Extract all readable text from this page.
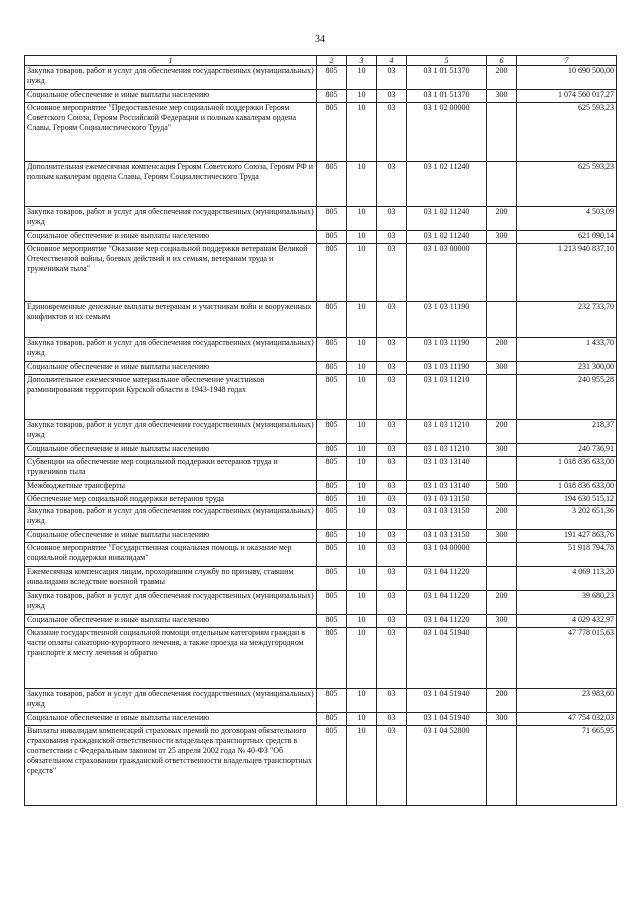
34
1	2	3	4	5	6	7
Закупка товаров, работ и услуг для обеспечения государственных (муниципальных) нужд	805	10	03	03 1 01 51370	200	10 690 500,00
Социальное обеспечение и иные выплаты населению	805	10	03	03 1 01 51370	300	1 074 560 017,27
Основное мероприятие "Предоставление мер социальной поддержки Героям Советского Союза, Героям Российской Федерации и полным кавалерам ордена Славы, Героям Социалистического Труда"	805	10	03	03 1 02 00000		625 593,23
Дополнительная ежемесячная компенсация Героям Советского Союза, Героям РФ и полным кавалерам ордена Славы, Героям Социалистического Труда	805	10	03	03 1 02 11240		625 593,23
Закупка товаров, работ и услуг для обеспечения государственных (муниципальных) нужд	805	10	03	03 1 02 11240	200	4 503,09
Социальное обеспечение и иные выплаты населению	805	10	03	03 1 02 11240	300	621 090,14
Основное мероприятие "Оказание мер социальной поддержки ветеранам Великой Отечественной войны, боевых действий и их семьям, ветеранам труда и труженикам тыла"	805	10	03	03 1 03 00000		1 213 940 837,10
Единовременные денежные выплаты ветеранам и участникам войн и вооруженных конфликтов и их семьям	805	10	03	03 1 03 11190		232 733,70
Закупка товаров, работ и услуг для обеспечения государственных (муниципальных) нужд	805	10	03	03 1 03 11190	200	1 433,70
Социальное обеспечение и иные выплаты населению	805	10	03	03 1 03 11190	300	231 300,00
Дополнительное ежемесячное материальное обеспечение участников разминирования территории Курской области в 1943-1948 годах	805	10	03	03 1 03 11210		240 955,28
Закупка товаров, работ и услуг для обеспечения государственных (муниципальных) нужд	805	10	03	03 1 03 11210	200	218,37
Социальное обеспечение и иные выплаты населению	805	10	03	03 1 03 11210	300	240 736,91
Субвенции на обеспечение мер социальной поддержки ветеранов труда и тружеников тыла	805	10	03	03 1 03 13140		1 018 836 633,00
Межбюджетные трансферты	805	10	03	03 1 03 13140	500	1 018 836 633,00
Обеспечение мер социальной поддержки ветеранов труда	805	10	03	03 1 03 13150		194 630 515,12
Закупка товаров, работ и услуг для обеспечения государственных (муниципальных) нужд	805	10	03	03 1 03 13150	200	3 202 651,36
Социальное обеспечение и иные выплаты населению	805	10	03	03 1 03 13150	300	191 427 863,76
Основное мероприятие "Государственная социальная помощь и оказание мер социальной поддержки инвалидам"	805	10	03	03 1 04 00000		51 918 794,78
Ежемесячная компенсация лицам, проходившим службу по призыву, ставшим инвалидами вследствие военной травмы	805	10	03	03 1 04 11220		4 069 113,20
Закупка товаров, работ и услуг для обеспечения государственных (муниципальных) нужд	805	10	03	03 1 04 11220	200	39 680,23
Социальное обеспечение и иные выплаты населению	805	10	03	03 1 04 11220	300	4 029 432,97
Оказание государственной социальной помощи отдельным категориям граждан в части оплаты санаторно-курортного лечения, а также проезда на междугородном транспорте к месту лечения и обратно	805	10	03	03 1 04 51940		47 778 015,63
Закупка товаров, работ и услуг для обеспечения государственных (муниципальных) нужд	805	10	03	03 1 04 51940	200	23 983,60
Социальное обеспечение и иные выплаты населению	805	10	03	03 1 04 51940	300	47 754 032,03
Выплаты инвалидам компенсаций страховых премий по договорам обязательного страхования гражданской ответственности владельцев транспортных средств в соответствии с Федеральным законом от 25 апреля 2002 года № 40-ФЗ "Об обязательном страховании гражданской ответственности владельцев транспортных средств"	805	10	03	03 1 04 52800		71 665,95
